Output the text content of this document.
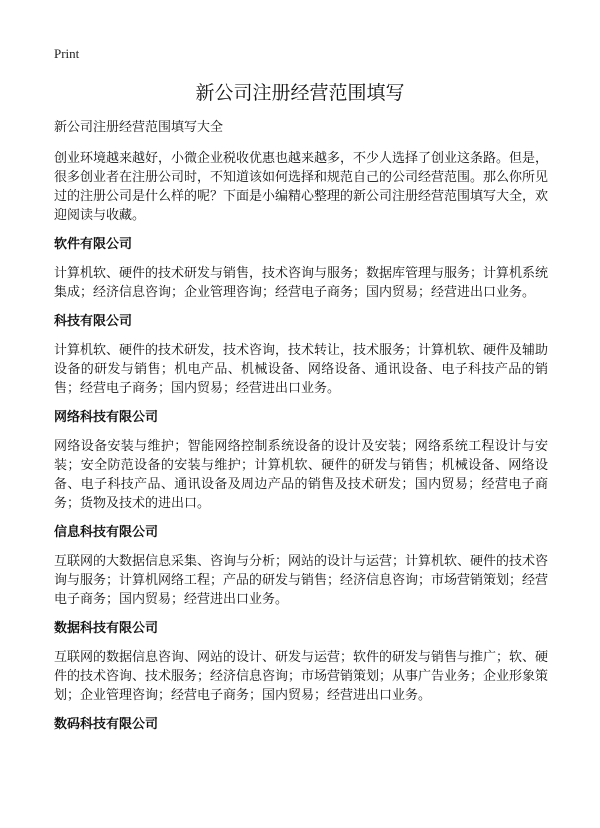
Print
新公司注册经营范围填写

新公司注册经营范围填写大全

创业环境越来越好，小微企业税收优惠也越来越多，不少人选择了创业这条路。但是，很多创业者在注册公司时，不知道该如何选择和规范自己的公司经营范围。那么你所见过的注册公司是什么样的呢？下面是小编精心整理的新公司注册经营范围填写大全，欢迎阅读与收藏。

软件有限公司

计算机软、硬件的技术研发与销售，技术咨询与服务；数据库管理与服务；计算机系统集成；经济信息咨询；企业管理咨询；经营电子商务；国内贸易；经营进出口业务。

科技有限公司

计算机软、硬件的技术研发，技术咨询，技术转让，技术服务；计算机软、硬件及辅助设备的研发与销售；机电产品、机械设备、网络设备、通讯设备、电子科技产品的销售；经营电子商务；国内贸易；经营进出口业务。

网络科技有限公司

网络设备安装与维护；智能网络控制系统设备的设计及安装；网络系统工程设计与安装；安全防范设备的安装与维护；计算机软、硬件的研发与销售；机械设备、网络设备、电子科技产品、通讯设备及周边产品的销售及技术研发；国内贸易；经营电子商务；货物及技术的进出口。

信息科技有限公司

互联网的大数据信息采集、咨询与分析；网站的设计与运营；计算机软、硬件的技术咨询与服务；计算机网络工程；产品的研发与销售；经济信息咨询；市场营销策划；经营电子商务；国内贸易；经营进出口业务。

数据科技有限公司

互联网的数据信息咨询、网站的设计、研发与运营；软件的研发与销售与推广；软、硬件的技术咨询、技术服务；经济信息咨询；市场营销策划；从事广告业务；企业形象策划；企业管理咨询；经营电子商务；国内贸易；经营进出口业务。

数码科技有限公司
